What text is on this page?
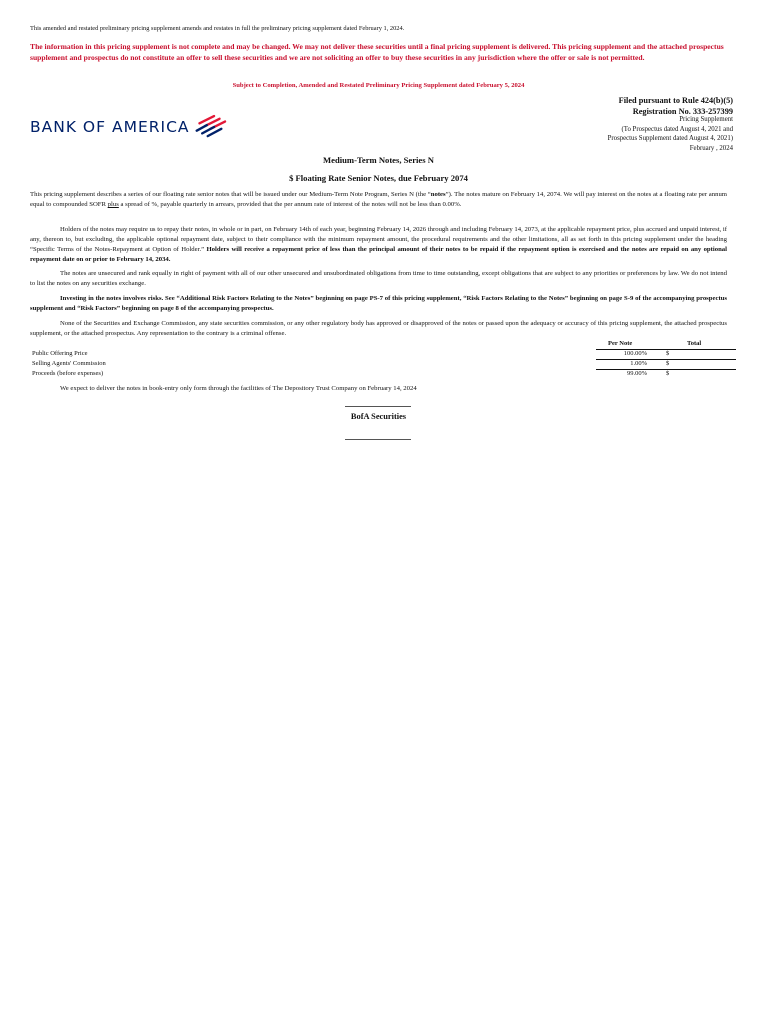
This amended and restated preliminary pricing supplement amends and restates in full the preliminary pricing supplement dated February 1, 2024.
The information in this pricing supplement is not complete and may be changed. We may not deliver these securities until a final pricing supplement is delivered. This pricing supplement and the attached prospectus supplement and prospectus do not constitute an offer to sell these securities and we are not soliciting an offer to buy these securities in any jurisdiction where the offer or sale is not permitted.
Subject to Completion, Amended and Restated Preliminary Pricing Supplement dated February 5, 2024
Filed pursuant to Rule 424(b)(5)
Registration No. 333-257399
Pricing Supplement
(To Prospectus dated August 4, 2021 and
Prospectus Supplement dated August 4, 2021)
February , 2024
BANK OF AMERICA
Medium-Term Notes, Series N
$ Floating Rate Senior Notes, due February 2074

This pricing supplement describes a series of our floating rate senior notes that will be issued under our Medium-Term Note Program, Series N (the “notes”). The notes mature on February 14, 2074. We will pay interest on the notes at a floating rate per annum equal to compounded SOFR plus a spread of %, payable quarterly in arrears, provided that the per annum rate of interest of the notes will not be less than 0.00%.

Holders of the notes may require us to repay their notes, in whole or in part, on February 14th of each year, beginning February 14, 2026 through and including February 14, 2073, at the applicable repayment price, plus accrued and unpaid interest, if any, thereon to, but excluding, the applicable optional repayment date, subject to their compliance with the minimum repayment amount, the procedural requirements and the other limitations, all as set forth in this pricing supplement under the heading “Specific Terms of the Notes-Repayment at Option of Holder.” Holders will receive a repayment price of less than the principal amount of their notes to be repaid if the repayment option is exercised and the notes are repaid on any optional repayment date on or prior to February 14, 2034.

The notes are unsecured and rank equally in right of payment with all of our other unsecured and unsubordinated obligations from time to time outstanding, except obligations that are subject to any priorities or preferences by law. We do not intend to list the notes on any securities exchange.

Investing in the notes involves risks. See “Additional Risk Factors Relating to the Notes” beginning on page PS-7 of this pricing supplement, “Risk Factors Relating to the Notes” beginning on page S-9 of the accompanying prospectus supplement and “Risk Factors” beginning on page 8 of the accompanying prospectus.

None of the Securities and Exchange Commission, any state securities commission, or any other regulatory body has approved or disapproved of the notes or passed upon the adequacy or accuracy of this pricing supplement, the attached prospectus supplement, or the attached prospectus. Any representation to the contrary is a criminal offense.

Per Note	Total
Public Offering Price	100.00%	$
Selling Agents' Commission	1.00%	$
Proceeds (before expenses)	99.00%	$
We expect to deliver the notes in book-entry only form through the facilities of The Depository Trust Company on February 14, 2024
BofA Securities
